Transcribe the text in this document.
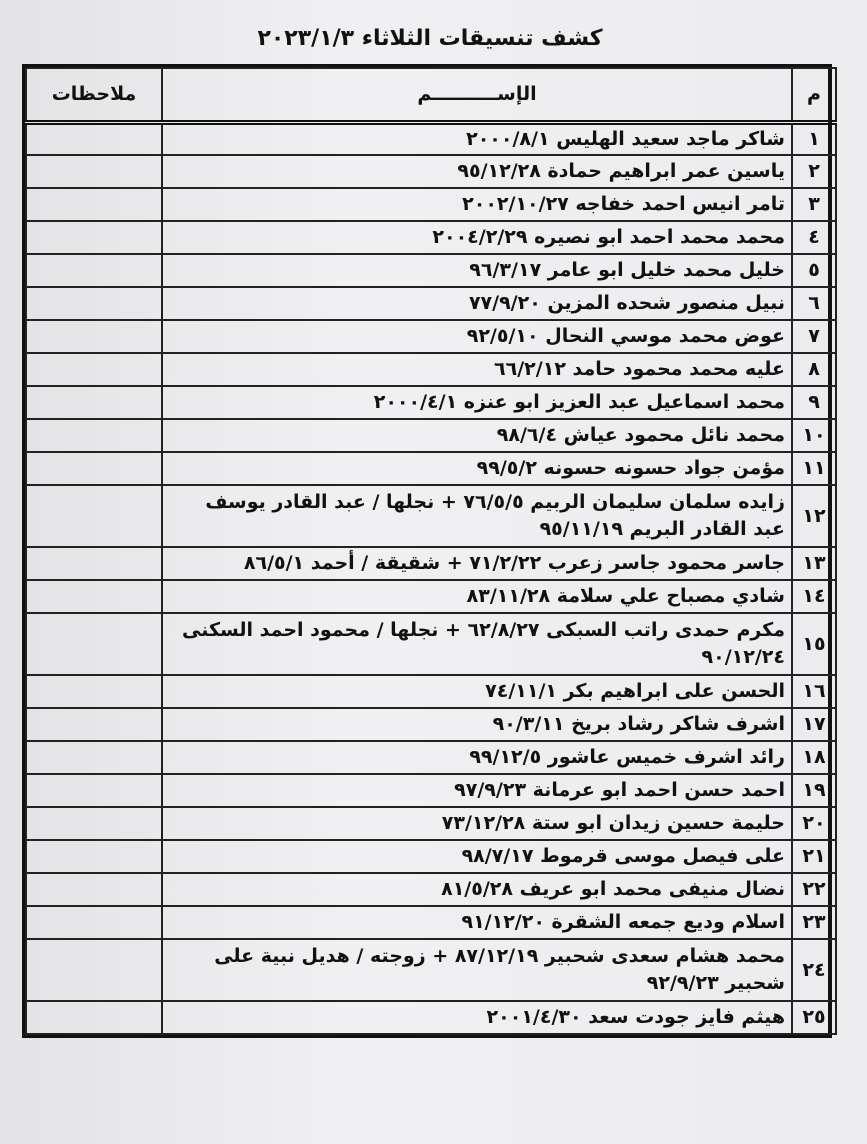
كشف تنسيقات الثلاثاء ٢٠٢٣/١/٣
م	الإســــــــــم	ملاحظات
١	شاكر ماجد سعيد الهليس ٢٠٠٠/٨/١	
٢	ياسين عمر ابراهيم حمادة ٩٥/١٢/٢٨	
٣	تامر انيس احمد خفاجه ٢٠٠٢/١٠/٢٧	
٤	محمد محمد احمد ابو نصيره ٢٠٠٤/٢/٢٩	
٥	خليل محمد خليل ابو عامر ٩٦/٣/١٧	
٦	نبيل منصور شحده المزين ٧٧/٩/٢٠	
٧	عوض محمد موسي النحال ٩٢/٥/١٠	
٨	عليه محمد محمود حامد ٦٦/٢/١٢	
٩	محمد اسماعيل عبد العزيز ابو عنزه ٢٠٠٠/٤/١	
١٠	محمد نائل محمود عياش ٩٨/٦/٤	
١١	مؤمن جواد حسونه حسونه ٩٩/٥/٢	
١٢	زايده سلمان سليمان الربيم ٧٦/٥/٥ + نجلها / عبد القادر يوسف عبد القادر البريم ٩٥/١١/١٩	
١٣	جاسر محمود جاسر زعرب ٧١/٢/٢٢ + شقيقة / أحمد ٨٦/٥/١	
١٤	شادي مصباح علي سلامة ٨٣/١١/٢٨	
١٥	مكرم حمدى راتب السبكى ٦٢/٨/٢٧ + نجلها / محمود احمد السكنى ٩٠/١٢/٢٤	
١٦	الحسن على ابراهيم بكر ٧٤/١١/١	
١٧	اشرف شاكر رشاد بريخ ٩٠/٣/١١	
١٨	رائد اشرف خميس عاشور ٩٩/١٢/٥	
١٩	احمد حسن احمد ابو عرمانة ٩٧/٩/٢٣	
٢٠	حليمة حسين زيدان ابو ستة ٧٣/١٢/٢٨	
٢١	على فيصل موسى قرموط ٩٨/٧/١٧	
٢٢	نضال منيفى محمد ابو عريف ٨١/٥/٢٨	
٢٣	اسلام وديع جمعه الشقرة ٩١/١٢/٢٠	
٢٤	محمد هشام سعدى شحبير ٨٧/١٢/١٩ + زوجته / هديل نبية على شحبير ٩٢/٩/٢٣	
٢٥	هيثم فايز جودت سعد ٢٠٠١/٤/٣٠	
